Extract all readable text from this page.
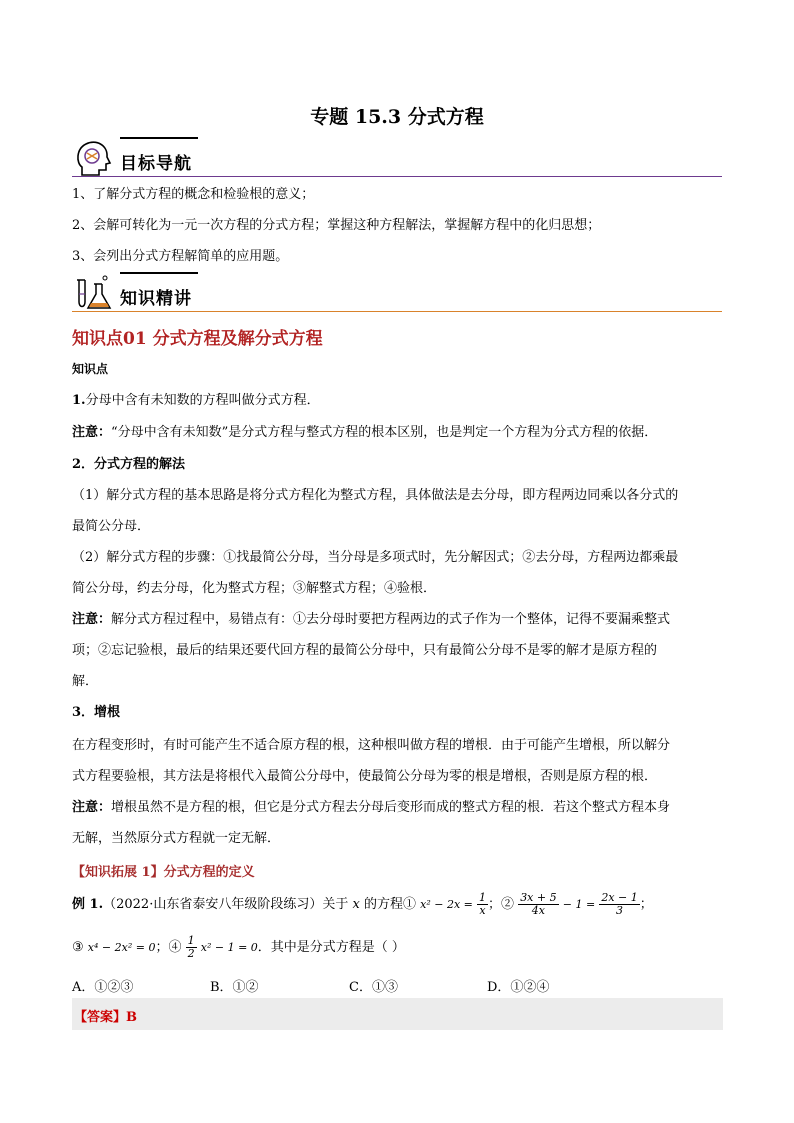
专题 15.3 分式方程
目标导航
1、了解分式方程的概念和检验根的意义；
2、会解可转化为一元一次方程的分式方程；掌握这种方程解法，掌握解方程中的化归思想；
3、会列出分式方程解简单的应用题。
知识精讲
知识点01 分式方程及解分式方程
知识点
1.分母中含有未知数的方程叫做分式方程．
注意：“分母中含有未知数”是分式方程与整式方程的根本区别，也是判定一个方程为分式方程的依据．
2．分式方程的解法
（1）解分式方程的基本思路是将分式方程化为整式方程，具体做法是去分母，即方程两边同乘以各分式的
最简公分母．
（2）解分式方程的步骤：①找最简公分母，当分母是多项式时，先分解因式；②去分母，方程两边都乘最
简公分母，约去分母，化为整式方程；③解整式方程；④验根．
注意：解分式方程过程中，易错点有：①去分母时要把方程两边的式子作为一个整体，记得不要漏乘整式
项；②忘记验根，最后的结果还要代回方程的最简公分母中，只有最简公分母不是零的解才是原方程的
解．
3．增根
在方程变形时，有时可能产生不适合原方程的根，这种根叫做方程的增根．由于可能产生增根，所以解分
式方程要验根，其方法是将根代入最简公分母中，使最简公分母为零的根是增根，否则是原方程的根．
注意：增根虽然不是方程的根，但它是分式方程去分母后变形而成的整式方程的根．若这个整式方程本身
无解，当然原分式方程就一定无解．
【知识拓展 1】分式方程的定义
例 1.（2022·山东省泰安八年级阶段练习）关于 x 的方程① $x^2 - 2x = \frac{1}{x}$ ；② $\frac{3x + 5}{4x} - 1 = \frac{2x - 1}{3}$ ；
③ x⁴ − 2x² = 0；④ $\frac{1}{2} x^2 - 1 = 0$．其中是分式方程是（ ）
A．①②③	B．①②	C．①③	D．①②④
【答案】B
